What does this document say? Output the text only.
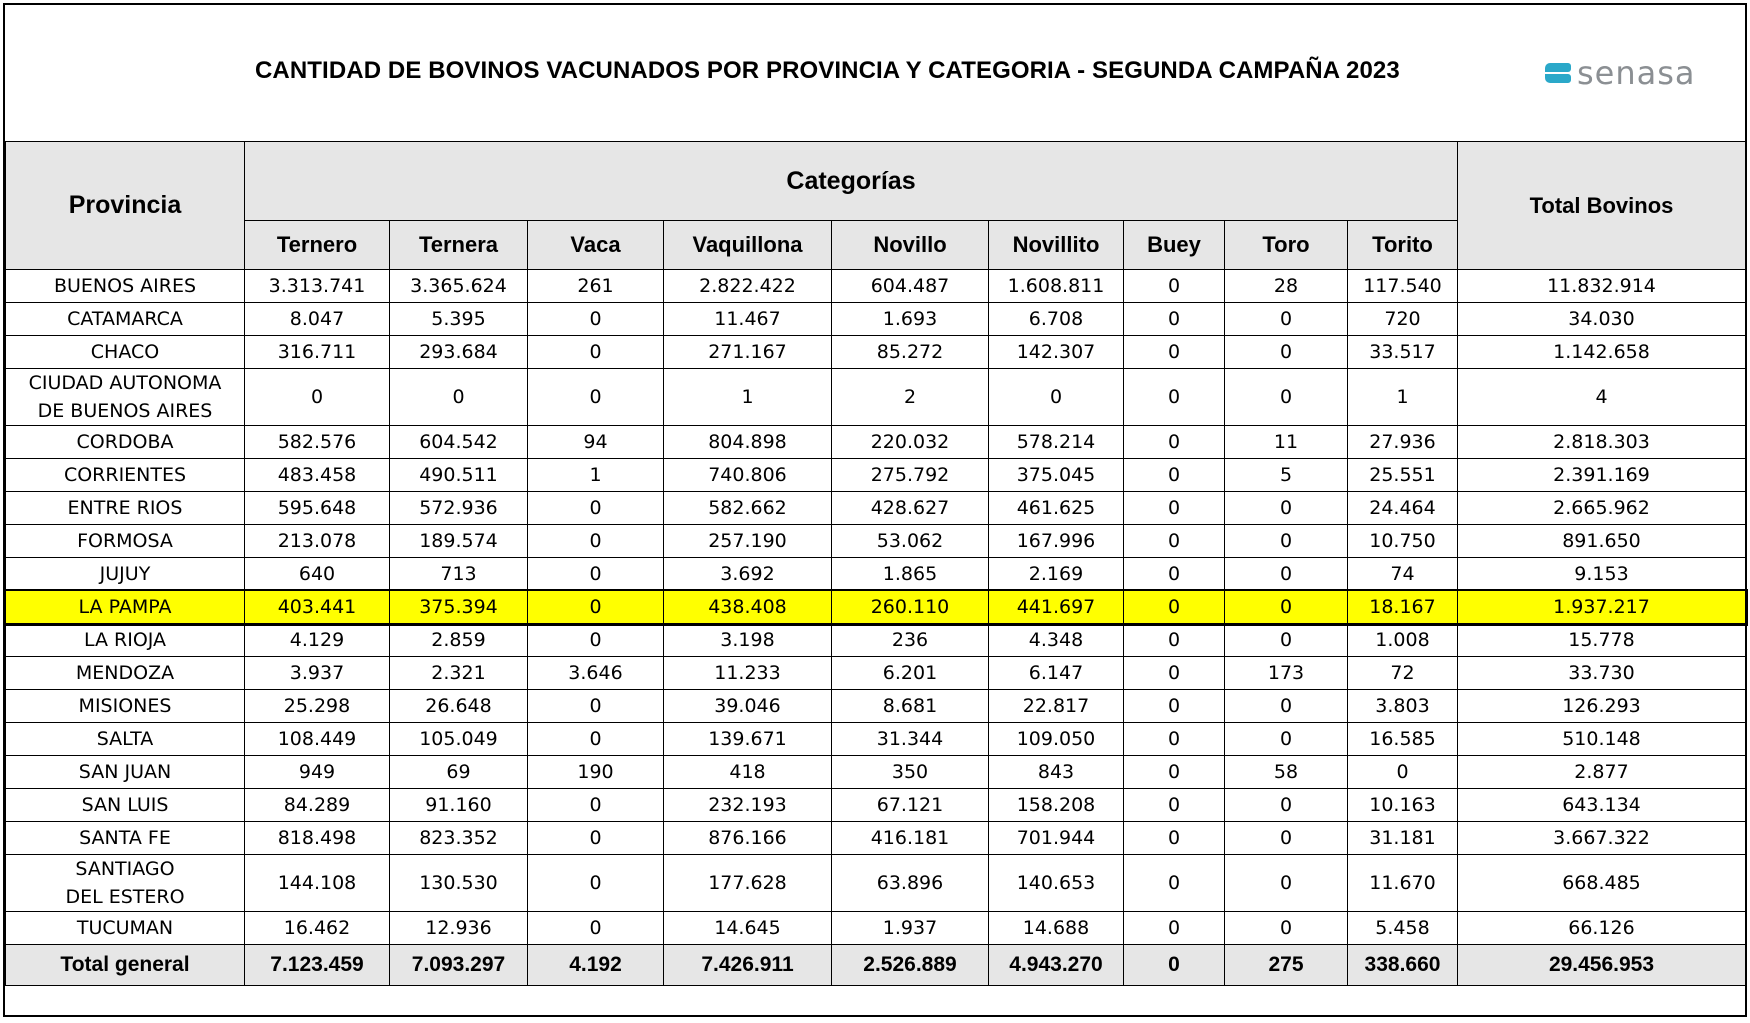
CANTIDAD DE BOVINOS VACUNADOS POR PROVINCIA Y CATEGORIA - SEGUNDA CAMPAÑA 2023	senasa
Provincia	Categorías									Total Bovinos
	Ternero	Ternera	Vaca	Vaquillona	Novillo	Novillito	Buey	Toro	Torito	

BUENOS AIRES	3.313.741	3.365.624	261	2.822.422	604.487	1.608.811	0	28	117.540	11.832.914

CATAMARCA	8.047	5.395	0	11.467	1.693	6.708	0	0	720	34.030

CHACO	316.711	293.684	0	271.167	85.272	142.307	0	0	33.517	1.142.658

CIUDAD AUTONOMA
DE BUENOS AIRES	0	0	0	1	2	0	0	0	1	4

CORDOBA	582.576	604.542	94	804.898	220.032	578.214	0	11	27.936	2.818.303

CORRIENTES	483.458	490.511	1	740.806	275.792	375.045	0	5	25.551	2.391.169

ENTRE RIOS	595.648	572.936	0	582.662	428.627	461.625	0	0	24.464	2.665.962

FORMOSA	213.078	189.574	0	257.190	53.062	167.996	0	0	10.750	891.650

JUJUY	640	713	0	3.692	1.865	2.169	0	0	74	9.153

LA PAMPA	403.441	375.394	0	438.408	260.110	441.697	0	0	18.167	1.937.217

LA RIOJA	4.129	2.859	0	3.198	236	4.348	0	0	1.008	15.778

MENDOZA	3.937	2.321	3.646	11.233	6.201	6.147	0	173	72	33.730

MISIONES	25.298	26.648	0	39.046	8.681	22.817	0	0	3.803	126.293

SALTA	108.449	105.049	0	139.671	31.344	109.050	0	0	16.585	510.148

SAN JUAN	949	69	190	418	350	843	0	58	0	2.877

SAN LUIS	84.289	91.160	0	232.193	67.121	158.208	0	0	10.163	643.134

SANTA FE	818.498	823.352	0	876.166	416.181	701.944	0	0	31.181	3.667.322

SANTIAGO
DEL ESTERO	144.108	130.530	0	177.628	63.896	140.653	0	0	11.670	668.485

TUCUMAN	16.462	12.936	0	14.645	1.937	14.688	0	0	5.458	66.126
Total general	7.123.459	7.093.297	4.192	7.426.911	2.526.889	4.943.270	0	275	338.660	29.456.953
